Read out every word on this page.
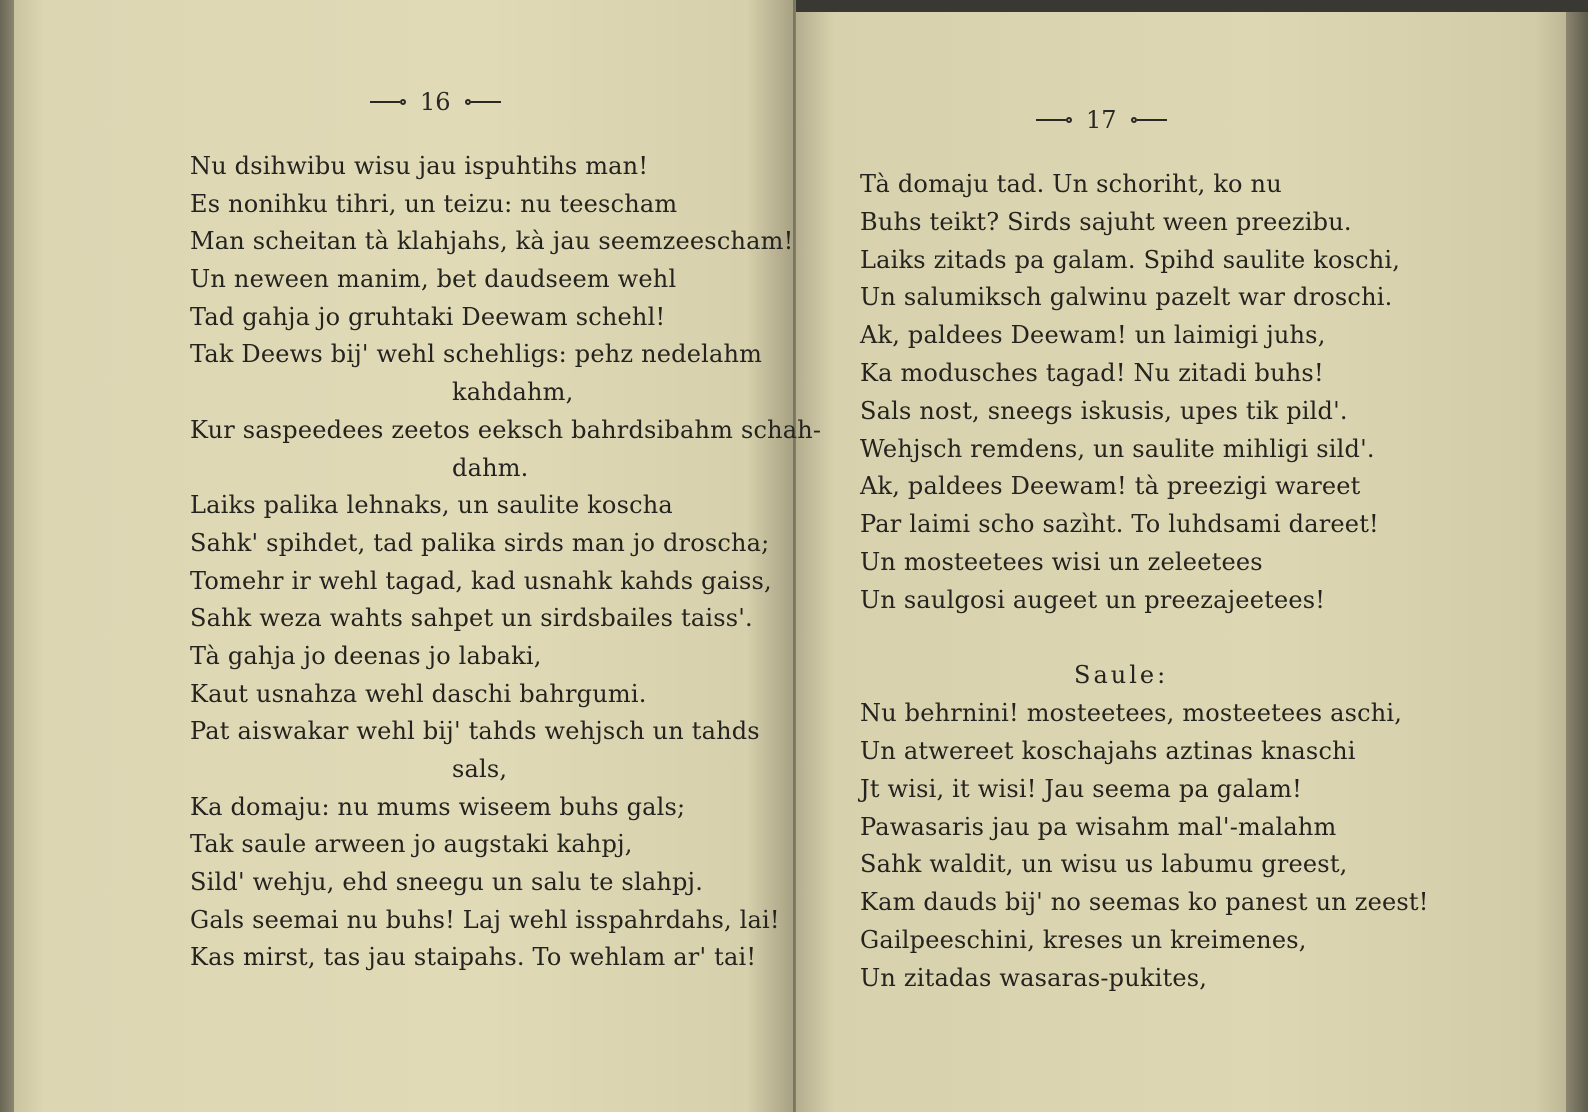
16
Nu dsihwibu wisu jau ispuhtihs man!
Es nonihku tihri, un teizu: nu teescham
Man scheitan tà klahjahs, kà jau seemzeescham!
Un neween manim, bet daudseem wehl
Tad gahja jo gruhtaki Deewam schehl!
Tak Deews bij' wehl schehligs: pehz nedelahm
kahdahm,
Kur saspeedees zeetos eeksch bahrdsibahm schah-
dahm.
Laiks palika lehnaks, un saulite koscha
Sahk' spihdet, tad palika sirds man jo droscha;
Tomehr ir wehl tagad, kad usnahk kahds gaiss,
Sahk weza wahts sahpet un sirdsbailes taiss'.
Tà gahja jo deenas jo labaki,
Kaut usnahza wehl daschi bahrgumi.
Pat aiswakar wehl bij' tahds wehjsch un tahds
sals,
Ka domaju: nu mums wiseem buhs gals;
Tak saule arween jo augstaki kahpj,
Sild' wehju, ehd sneegu un salu te slahpj.
Gals seemai nu buhs! Laj wehl isspahrdahs, lai!
Kas mirst, tas jau staipahs. To wehlam ar' tai!
17
Tà domaju tad. Un schoriht, ko nu
Buhs teikt? Sirds sajuht ween preezibu.
Laiks zitads pa galam. Spihd saulite koschi,
Un salumiksch galwinu pazelt war droschi.
Ak, paldees Deewam! un laimigi juhs,
Ka modusches tagad! Nu zitadi buhs!
Sals nost, sneegs iskusis, upes tik pild'.
Wehjsch remdens, un saulite mihligi sild'.
Ak, paldees Deewam! tà preezigi wareet
Par laimi scho sazìht. To luhdsami dareet!
Un mosteetees wisi un zeleetees
Un saulgosi augeet un preezajeetees!
Saule:
Nu behrnini! mosteetees, mosteetees aschi,
Un atwereet koschajahs aztinas knaschi
Jt wisi, it wisi! Jau seema pa galam!
Pawasaris jau pa wisahm mal'-malahm
Sahk waldit, un wisu us labumu greest,
Kam dauds bij' no seemas ko panest un zeest!
Gailpeeschini, kreses un kreimenes,
Un zitadas wasaras-pukites,
